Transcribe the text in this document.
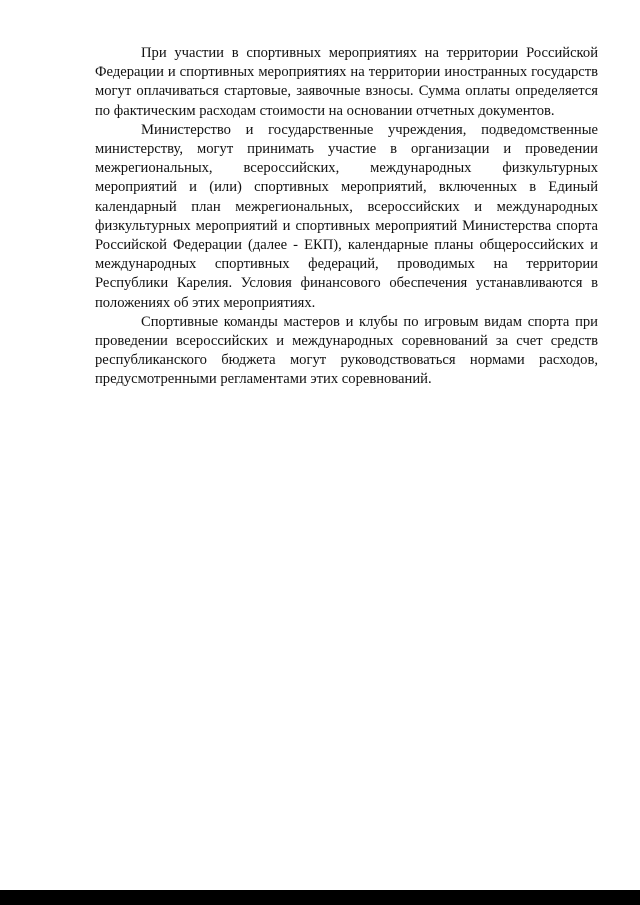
При участии в спортивных мероприятиях на территории Российской Федерации и спортивных мероприятиях на территории иностранных государств могут оплачиваться стартовые, заявочные взносы. Сумма оплаты определяется по фактическим расходам стоимости на основании отчетных документов.

Министерство и государственные учреждения, подведомственные министерству, могут принимать участие в организации и проведении межрегиональных, всероссийских, международных физкультурных мероприятий и (или) спортивных мероприятий, включенных в Единый календарный план межрегиональных, всероссийских и международных физкультурных мероприятий и спортивных мероприятий Министерства спорта Российской Федерации (далее - ЕКП), календарные планы общероссийских и международных спортивных федераций, проводимых на территории Республики Карелия. Условия финансового обеспечения устанавливаются в положениях об этих мероприятиях.

Спортивные команды мастеров и клубы по игровым видам спорта при проведении всероссийских и международных соревнований за счет средств республиканского бюджета могут руководствоваться нормами расходов, предусмотренными регламентами этих соревнований.
